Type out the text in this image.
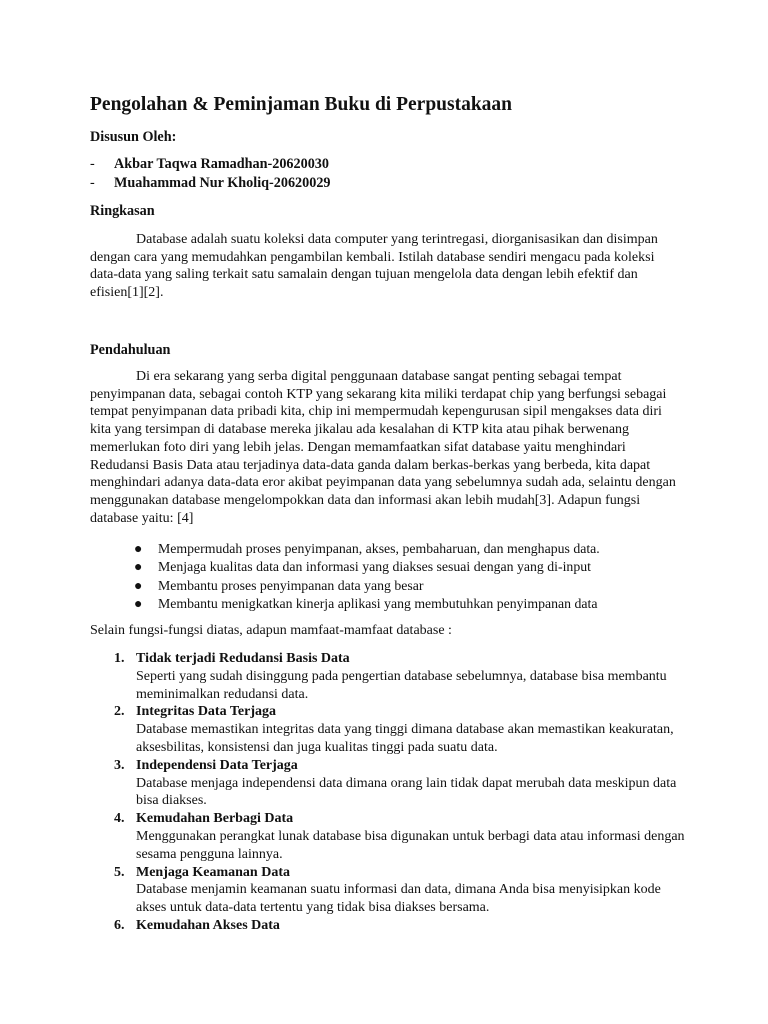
Pengolahan & Peminjaman Buku di Perpustakaan
Disusun Oleh:
- Akbar Taqwa Ramadhan-20620030
- Muahammad Nur Kholiq-20620029
Ringkasan
Database adalah suatu koleksi data computer yang terintregasi, diorganisasikan dan disimpan
dengan cara yang memudahkan pengambilan kembali. Istilah database sendiri mengacu pada koleksi
data-data yang saling terkait satu samalain dengan tujuan mengelola data dengan lebih efektif dan
efisien[1][2].
Pendahuluan
Di era sekarang yang serba digital penggunaan database sangat penting sebagai tempat
penyimpanan data, sebagai contoh KTP yang sekarang kita miliki terdapat chip yang berfungsi sebagai
tempat penyimpanan data pribadi kita, chip ini mempermudah kepengurusan sipil mengakses data diri
kita yang tersimpan di database mereka jikalau ada kesalahan di KTP kita atau pihak berwenang
memerlukan foto diri yang lebih jelas. Dengan memamfaatkan sifat database yaitu menghindari
Redudansi Basis Data atau terjadinya data-data ganda dalam berkas-berkas yang berbeda, kita dapat
menghindari adanya data-data eror akibat peyimpanan data yang sebelumnya sudah ada, selaintu dengan
menggunakan database mengelompokkan data dan informasi akan lebih mudah[3]. Adapun fungsi
database yaitu: [4]
● Mempermudah proses penyimpanan, akses, pembaharuan, dan menghapus data.
● Menjaga kualitas data dan informasi yang diakses sesuai dengan yang di-input
● Membantu proses penyimpanan data yang besar
● Membantu menigkatkan kinerja aplikasi yang membutuhkan penyimpanan data
Selain fungsi-fungsi diatas, adapun mamfaat-mamfaat database :
1. Tidak terjadi Redudansi Basis Data
Seperti yang sudah disinggung pada pengertian database sebelumnya, database bisa membantu
meminimalkan redudansi data.
2. Integritas Data Terjaga
Database memastikan integritas data yang tinggi dimana database akan memastikan keakuratan,
aksesbilitas, konsistensi dan juga kualitas tinggi pada suatu data.
3. Independensi Data Terjaga
Database menjaga independensi data dimana orang lain tidak dapat merubah data meskipun data
bisa diakses.
4. Kemudahan Berbagi Data
Menggunakan perangkat lunak database bisa digunakan untuk berbagi data atau informasi dengan
sesama pengguna lainnya.
5. Menjaga Keamanan Data
Database menjamin keamanan suatu informasi dan data, dimana Anda bisa menyisipkan kode
akses untuk data-data tertentu yang tidak bisa diakses bersama.
6. Kemudahan Akses Data
